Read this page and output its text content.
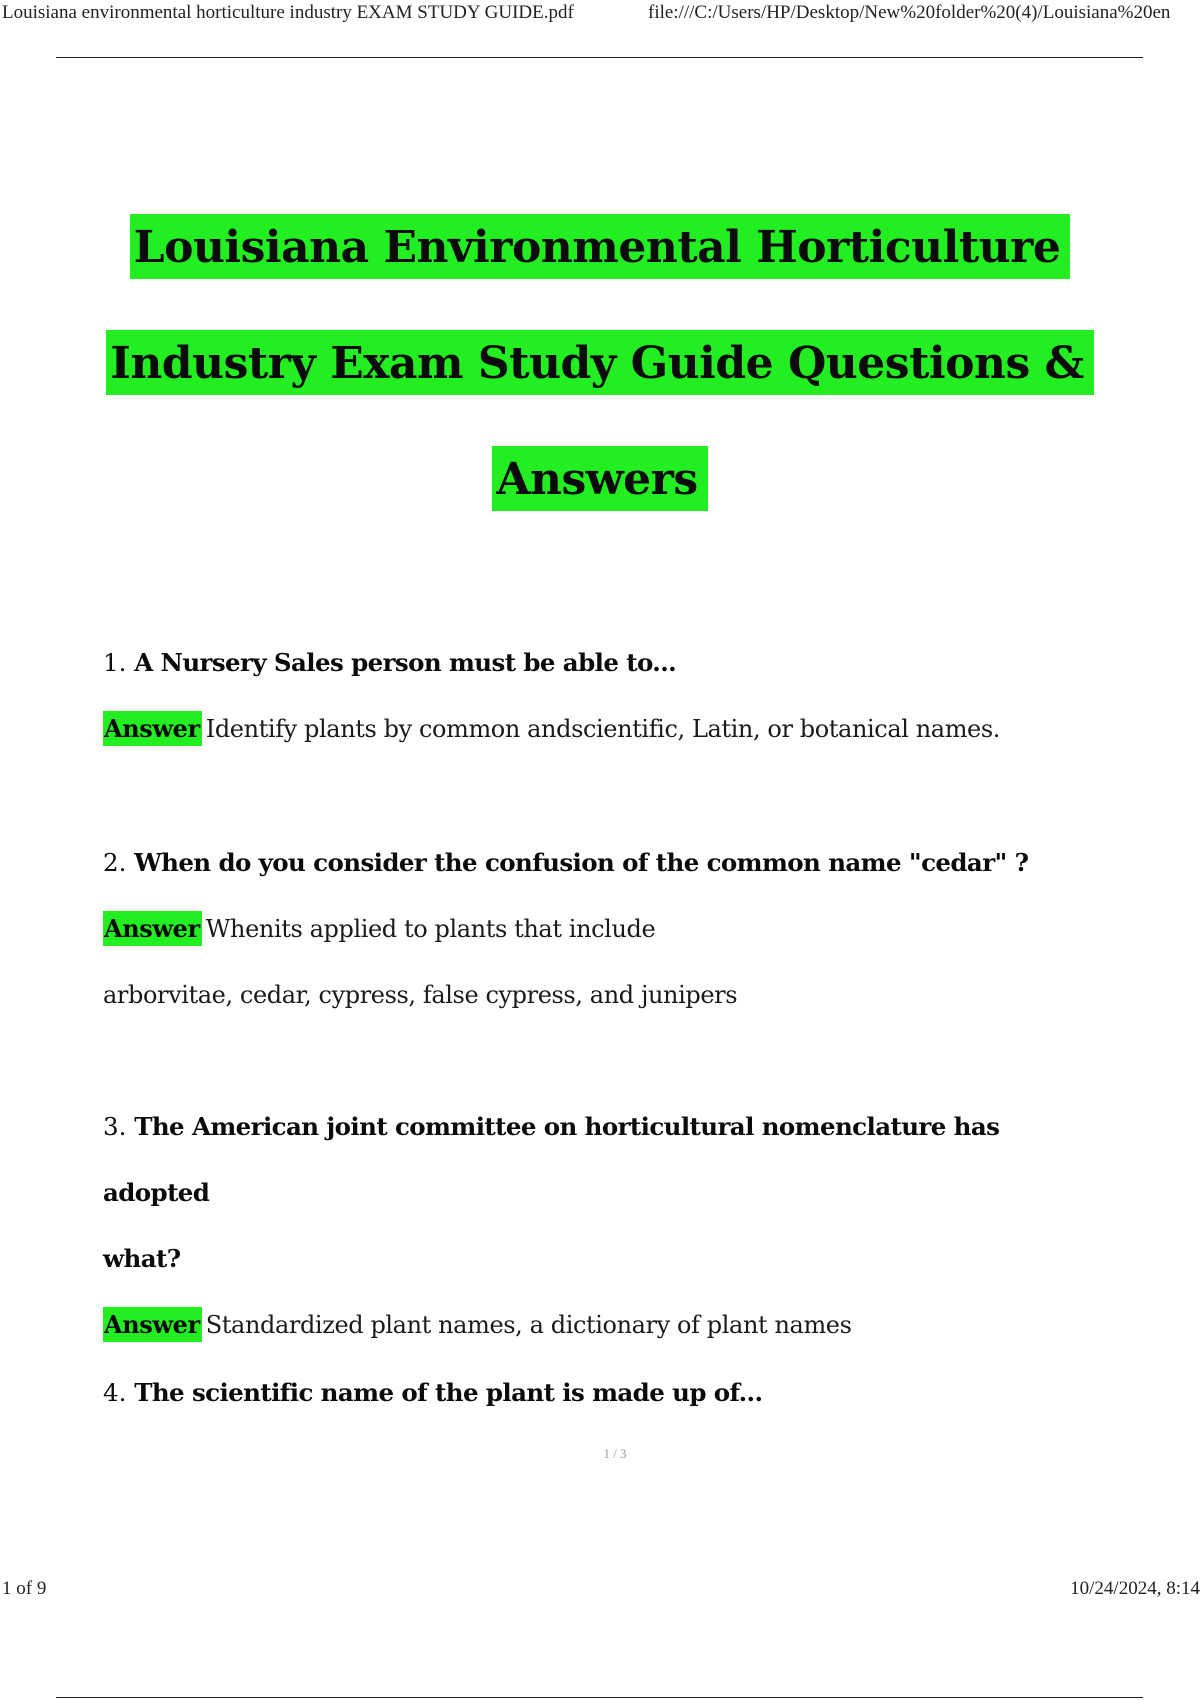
Louisiana environmental horticulture industry EXAM STUDY GUIDE.pdf	file:///C:/Users/HP/Desktop/New%20folder%20(4)/Louisiana%20en
Louisiana Environmental Horticulture
Industry Exam Study Guide Questions &
Answers
1. A Nursery Sales person must be able to...
Answer Identify plants by common andscientific, Latin, or botanical names.
2. When do you consider the confusion of the common name "cedar" ?
Answer Whenits applied to plants that include
arborvitae, cedar, cypress, false cypress, and junipers
3. The American joint committee on horticultural nomenclature has adopted
what?
Answer Standardized plant names, a dictionary of plant names
4. The scientific name of the plant is made up of...
1 / 3
1 of 9	10/24/2024, 8:14
